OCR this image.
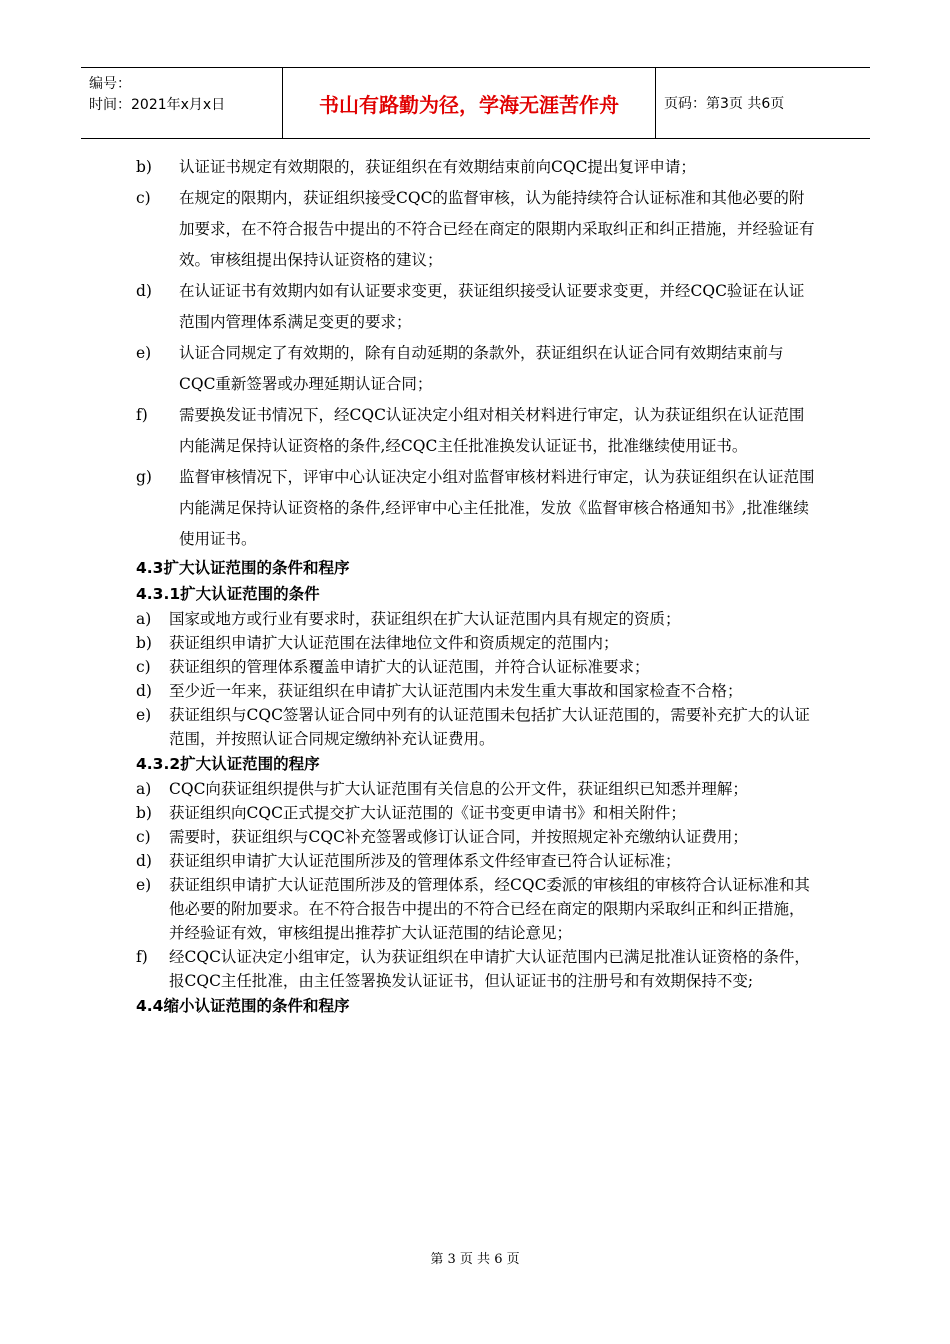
编号：
时间：2021年x月x日	书山有路勤为径，学海无涯苦作舟	页码：第3页 共6页
b)	认证证书规定有效期限的，获证组织在有效期结束前向CQC提出复评申请；
c)	在规定的限期内，获证组织接受CQC的监督审核，认为能持续符合认证标准和其他必要的附加要求，在不符合报告中提出的不符合已经在商定的限期内采取纠正和纠正措施，并经验证有效。审核组提出保持认证资格的建议；
d)	在认证证书有效期内如有认证要求变更，获证组织接受认证要求变更，并经CQC验证在认证范围内管理体系满足变更的要求；
e)	认证合同规定了有效期的，除有自动延期的条款外，获证组织在认证合同有效期结束前与CQC重新签署或办理延期认证合同；
f)	需要换发证书情况下，经CQC认证决定小组对相关材料进行审定，认为获证组织在认证范围内能满足保持认证资格的条件,经CQC主任批准换发认证证书，批准继续使用证书。
g)	监督审核情况下，评审中心认证决定小组对监督审核材料进行审定，认为获证组织在认证范围内能满足保持认证资格的条件,经评审中心主任批准，发放《监督审核合格通知书》,批准继续使用证书。
4.3扩大认证范围的条件和程序
4.3.1扩大认证范围的条件
a)	国家或地方或行业有要求时，获证组织在扩大认证范围内具有规定的资质；
b)	获证组织申请扩大认证范围在法律地位文件和资质规定的范围内；
c)	获证组织的管理体系覆盖申请扩大的认证范围，并符合认证标准要求；
d)	至少近一年来，获证组织在申请扩大认证范围内未发生重大事故和国家检查不合格；
e)	获证组织与CQC签署认证合同中列有的认证范围未包括扩大认证范围的，需要补充扩大的认证范围，并按照认证合同规定缴纳补充认证费用。
4.3.2扩大认证范围的程序
a)	CQC向获证组织提供与扩大认证范围有关信息的公开文件，获证组织已知悉并理解；
b)	获证组织向CQC正式提交扩大认证范围的《证书变更申请书》和相关附件；
c)	需要时，获证组织与CQC补充签署或修订认证合同，并按照规定补充缴纳认证费用；
d)	获证组织申请扩大认证范围所涉及的管理体系文件经审查已符合认证标准；
e)	获证组织申请扩大认证范围所涉及的管理体系，经CQC委派的审核组的审核符合认证标准和其他必要的附加要求。在不符合报告中提出的不符合已经在商定的限期内采取纠正和纠正措施，并经验证有效，审核组提出推荐扩大认证范围的结论意见；
f)	经CQC认证决定小组审定，认为获证组织在申请扩大认证范围内已满足批准认证资格的条件，报CQC主任批准，由主任签署换发认证证书，但认证证书的注册号和有效期保持不变;
4.4缩小认证范围的条件和程序
第 3 页 共 6 页
